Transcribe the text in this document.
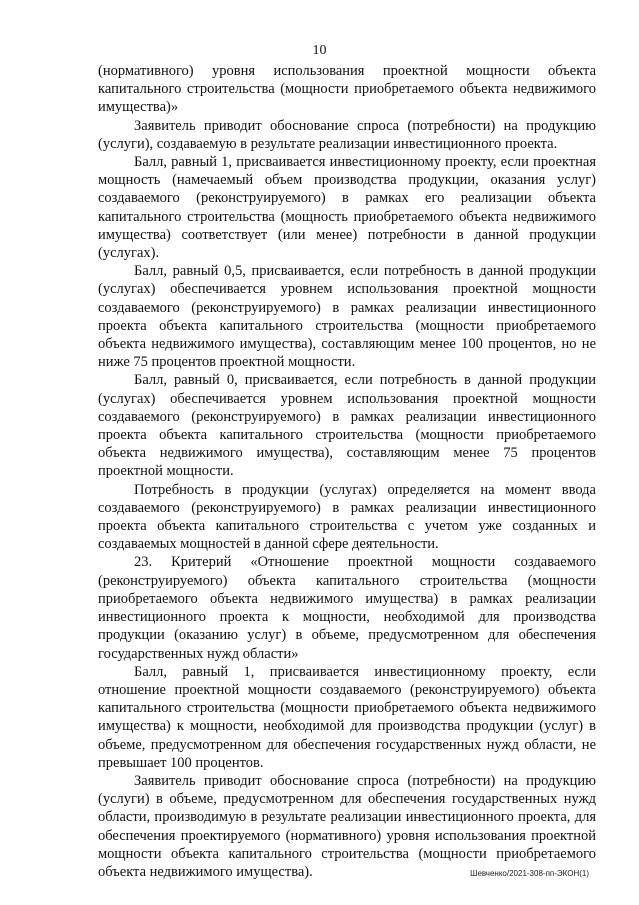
10

(нормативного) уровня использования проектной мощности объекта капитального строительства (мощности приобретаемого объекта недвижимого имущества)»

Заявитель приводит обоснование спроса (потребности) на продукцию (услуги), создаваемую в результате реализации инвестиционного проекта.

Балл, равный 1, присваивается инвестиционному проекту, если проектная мощность (намечаемый объем производства продукции, оказания услуг) создаваемого (реконструируемого) в рамках его реализации объекта капитального строительства (мощность приобретаемого объекта недвижимого имущества) соответствует (или менее) потребности в данной продукции (услугах).

Балл, равный 0,5, присваивается, если потребность в данной продукции (услугах) обеспечивается уровнем использования проектной мощности создаваемого (реконструируемого) в рамках реализации инвестиционного проекта объекта капитального строительства (мощности приобретаемого объекта недвижимого имущества), составляющим менее 100 процентов, но не ниже 75 процентов проектной мощности.

Балл, равный 0, присваивается, если потребность в данной продукции (услугах) обеспечивается уровнем использования проектной мощности создаваемого (реконструируемого) в рамках реализации инвестиционного проекта объекта капитального строительства (мощности приобретаемого объекта недвижимого имущества), составляющим менее 75 процентов проектной мощности.

Потребность в продукции (услугах) определяется на момент ввода создаваемого (реконструируемого) в рамках реализации инвестиционного проекта объекта капитального строительства с учетом уже созданных и создаваемых мощностей в данной сфере деятельности.

23. Критерий «Отношение проектной мощности создаваемого (реконструируемого) объекта капитального строительства (мощности приобретаемого объекта недвижимого имущества) в рамках реализации инвестиционного проекта к мощности, необходимой для производства продукции (оказанию услуг) в объеме, предусмотренном для обеспечения государственных нужд области»

Балл, равный 1, присваивается инвестиционному проекту, если отношение проектной мощности создаваемого (реконструируемого) объекта капитального строительства (мощности приобретаемого объекта недвижимого имущества) к мощности, необходимой для производства продукции (услуг) в объеме, предусмотренном для обеспечения государственных нужд области, не превышает 100 процентов.

Заявитель приводит обоснование спроса (потребности) на продукцию (услуги) в объеме, предусмотренном для обеспечения государственных нужд области, производимую в результате реализации инвестиционного проекта, для обеспечения проектируемого (нормативного) уровня использования проектной мощности объекта капитального строительства (мощности приобретаемого объекта недвижимого имущества).	Шевченко/2021-308-пп-ЭКОН(1)
